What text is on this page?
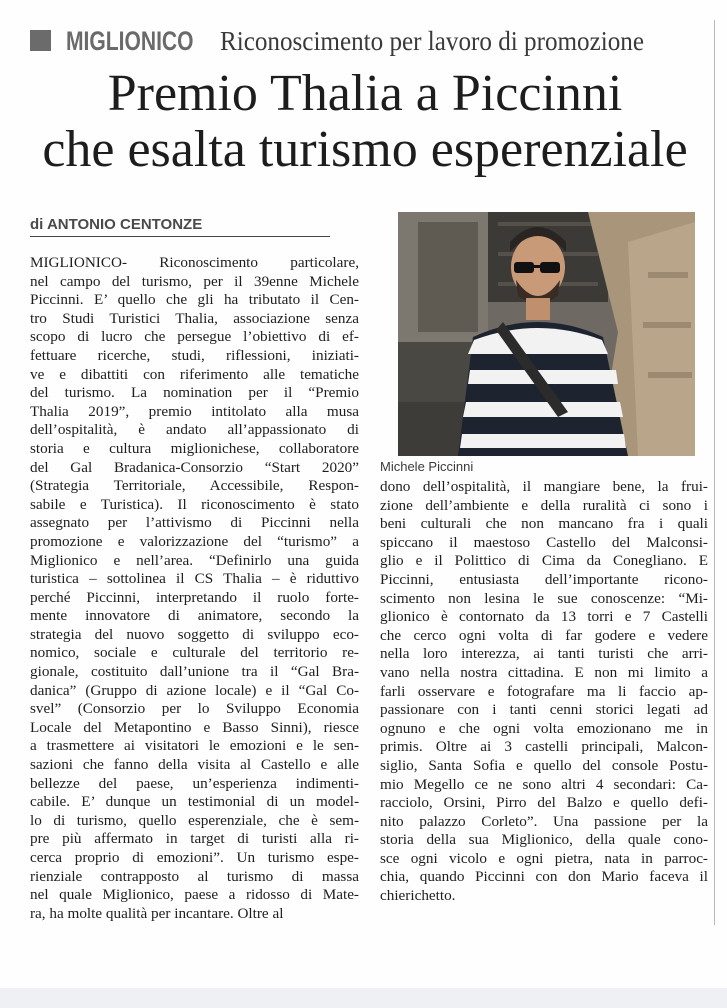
MIGLIONICO Riconoscimento per lavoro di promozione
Premio Thalia a Piccinni
che esalta turismo esperenziale
di ANTONIO CENTONZE
MIGLIONICO- Riconoscimento particolare,
nel campo del turismo, per il 39enne Michele
Piccinni. E’ quello che gli ha tributato il Cen-
tro Studi Turistici Thalia, associazione senza
scopo di lucro che persegue l’obiettivo di ef-
fettuare ricerche, studi, riflessioni, iniziati-
ve e dibattiti con riferimento alle tematiche
del turismo. La nomination per il “Premio
Thalia 2019”, premio intitolato alla musa
dell’ospitalità, è andato all’appassionato di
storia e cultura miglionichese, collaboratore
del Gal Bradanica-Consorzio “Start 2020”
(Strategia Territoriale, Accessibile, Respon-
sabile e Turistica). Il riconoscimento è stato
assegnato per l’attivismo di Piccinni nella
promozione e valorizzazione del “turismo” a
Miglionico e nell’area. “Definirlo una guida
turistica – sottolinea il CS Thalia – è riduttivo
perché Piccinni, interpretando il ruolo forte-
mente innovatore di animatore, secondo la
strategia del nuovo soggetto di sviluppo eco-
nomico, sociale e culturale del territorio re-
gionale, costituito dall’unione tra il “Gal Bra-
danica” (Gruppo di azione locale) e il “Gal Co-
svel” (Consorzio per lo Sviluppo Economia
Locale del Metapontino e Basso Sinni), riesce
a trasmettere ai visitatori le emozioni e le sen-
sazioni che fanno della visita al Castello e alle
bellezze del paese, un’esperienza indimenti-
cabile. E’ dunque un testimonial di un model-
lo di turismo, quello esperenziale, che è sem-
pre più affermato in target di turisti alla ri-
cerca proprio di emozioni”. Un turismo espe-
rienziale contrapposto al turismo di massa
nel quale Miglionico, paese a ridosso di Mate-
ra, ha molte qualità per incantare. Oltre al
Michele Piccinni
dono dell’ospitalità, il mangiare bene, la frui-
zione dell’ambiente e della ruralità ci sono i
beni culturali che non mancano fra i quali
spiccano il maestoso Castello del Malconsi-
glio e il Polittico di Cima da Conegliano. E
Piccinni, entusiasta dell’importante ricono-
scimento non lesina le sue conoscenze: “Mi-
glionico è contornato da 13 torri e 7 Castelli
che cerco ogni volta di far godere e vedere
nella loro interezza, ai tanti turisti che arri-
vano nella nostra cittadina. E non mi limito a
farli osservare e fotografare ma li faccio ap-
passionare con i tanti cenni storici legati ad
ognuno e che ogni volta emozionano me in
primis. Oltre ai 3 castelli principali, Malcon-
siglio, Santa Sofia e quello del console Postu-
mio Megello ce ne sono altri 4 secondari: Ca-
racciolo, Orsini, Pirro del Balzo e quello defi-
nito palazzo Corleto”. Una passione per la
storia della sua Miglionico, della quale cono-
sce ogni vicolo e ogni pietra, nata in parroc-
chia, quando Piccinni con don Mario faceva il
chierichetto.
